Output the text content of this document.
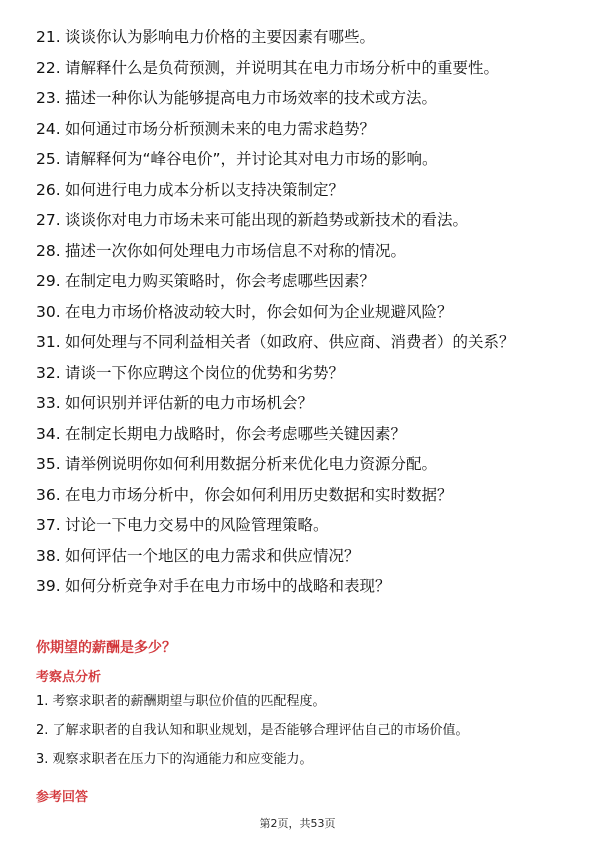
21. 谈谈你认为影响电力价格的主要因素有哪些。
22. 请解释什么是负荷预测，并说明其在电力市场分析中的重要性。
23. 描述一种你认为能够提高电力市场效率的技术或方法。
24. 如何通过市场分析预测未来的电力需求趋势？
25. 请解释何为“峰谷电价”，并讨论其对电力市场的影响。
26. 如何进行电力成本分析以支持决策制定？
27. 谈谈你对电力市场未来可能出现的新趋势或新技术的看法。
28. 描述一次你如何处理电力市场信息不对称的情况。
29. 在制定电力购买策略时，你会考虑哪些因素？
30. 在电力市场价格波动较大时，你会如何为企业规避风险？
31. 如何处理与不同利益相关者（如政府、供应商、消费者）的关系？
32. 请谈一下你应聘这个岗位的优势和劣势？
33. 如何识别并评估新的电力市场机会？
34. 在制定长期电力战略时，你会考虑哪些关键因素？
35. 请举例说明你如何利用数据分析来优化电力资源分配。
36. 在电力市场分析中，你会如何利用历史数据和实时数据？
37. 讨论一下电力交易中的风险管理策略。
38. 如何评估一个地区的电力需求和供应情况？
39. 如何分析竞争对手在电力市场中的战略和表现？
你期望的薪酬是多少？
考察点分析
1. 考察求职者的薪酬期望与职位价值的匹配程度。
2. 了解求职者的自我认知和职业规划，是否能够合理评估自己的市场价值。
3. 观察求职者在压力下的沟通能力和应变能力。
参考回答
第2页，共53页
